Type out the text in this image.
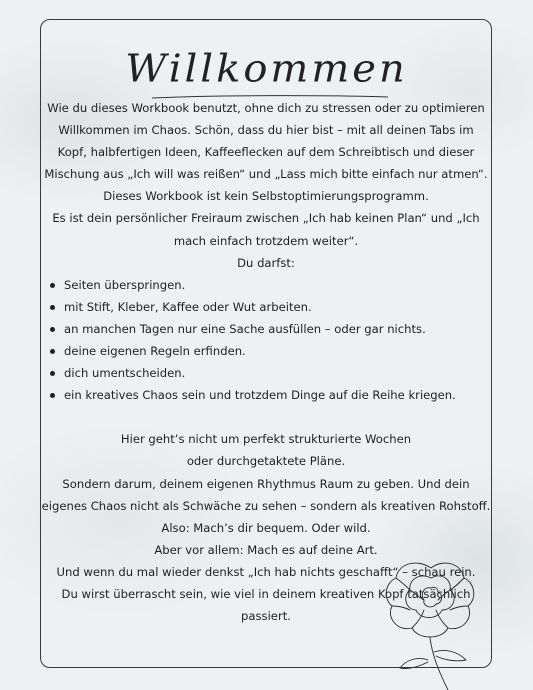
Willkommen
Wie du dieses Workbook benutzt, ohne dich zu stressen oder zu optimieren
Willkommen im Chaos. Schön, dass du hier bist – mit all deinen Tabs im
Kopf, halbfertigen Ideen, Kaffeeflecken auf dem Schreibtisch und dieser
Mischung aus „Ich will was reißen“ und „Lass mich bitte einfach nur atmen“.
Dieses Workbook ist kein Selbstoptimierungsprogramm.
Es ist dein persönlicher Freiraum zwischen „Ich hab keinen Plan“ und „Ich
mach einfach trotzdem weiter“.
Du darfst:
Seiten überspringen.
mit Stift, Kleber, Kaffee oder Wut arbeiten.
an manchen Tagen nur eine Sache ausfüllen – oder gar nichts.
deine eigenen Regeln erfinden.
dich umentscheiden.
ein kreatives Chaos sein und trotzdem Dinge auf die Reihe kriegen.
Hier geht’s nicht um perfekt strukturierte Wochen
oder durchgetaktete Pläne.
Sondern darum, deinem eigenen Rhythmus Raum zu geben. Und dein
eigenes Chaos nicht als Schwäche zu sehen – sondern als kreativen Rohstoff.
Also: Mach’s dir bequem. Oder wild.
Aber vor allem: Mach es auf deine Art.
Und wenn du mal wieder denkst „Ich hab nichts geschafft“ – schau rein.
Du wirst überrascht sein, wie viel in deinem kreativen Kopf tatsächlich
passiert.
